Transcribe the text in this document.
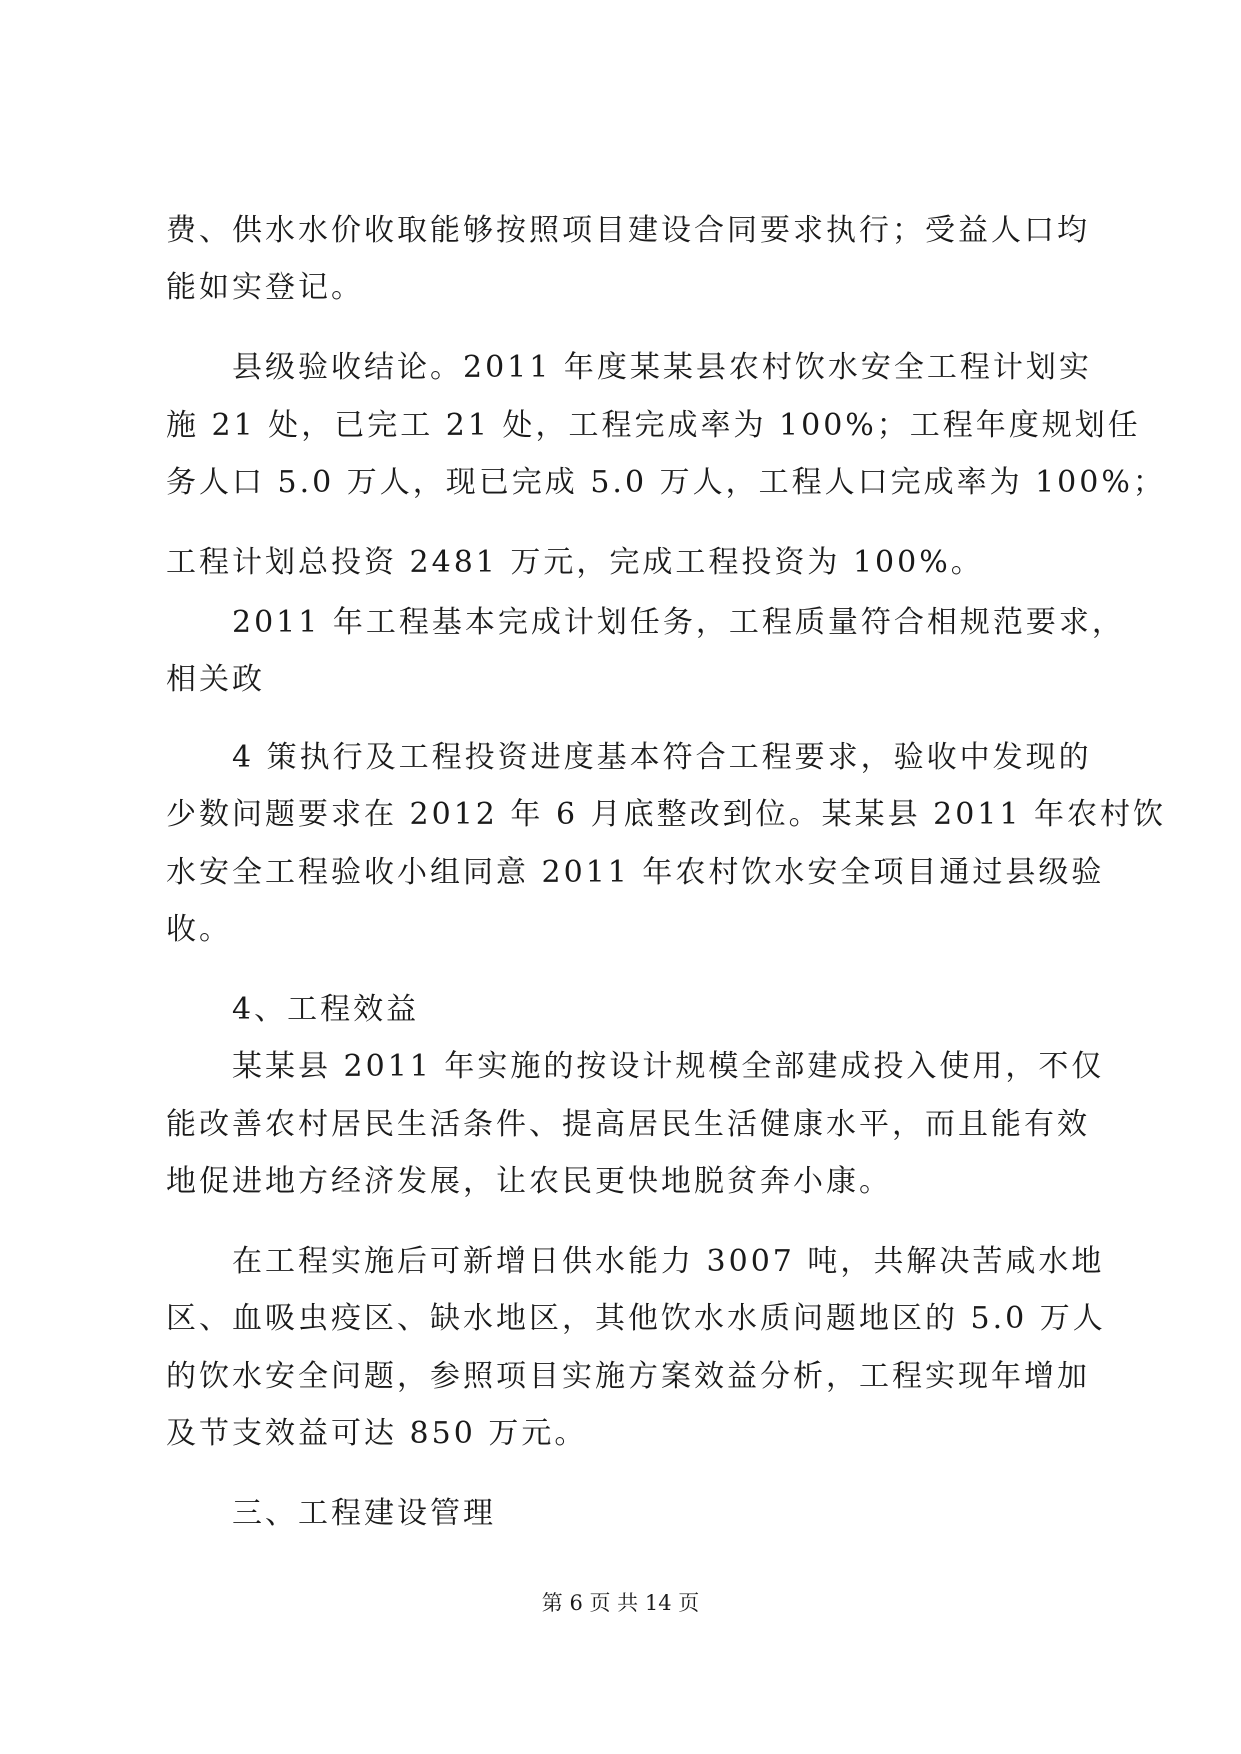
费、供水水价收取能够按照项目建设合同要求执行；受益人口均
能如实登记。
县级验收结论。2011 年度某某县农村饮水安全工程计划实
施 21 处，已完工 21 处，工程完成率为 100%；工程年度规划任
务人口 5.0 万人，现已完成 5.0 万人，工程人口完成率为 100%；
工程计划总投资 2481 万元，完成工程投资为 100%。
2011 年工程基本完成计划任务，工程质量符合相规范要求，
相关政
4 策执行及工程投资进度基本符合工程要求，验收中发现的
少数问题要求在 2012 年 6 月底整改到位。某某县 2011 年农村饮
水安全工程验收小组同意 2011 年农村饮水安全项目通过县级验
收。
4、工程效益
某某县 2011 年实施的按设计规模全部建成投入使用，不仅
能改善农村居民生活条件、提高居民生活健康水平，而且能有效
地促进地方经济发展，让农民更快地脱贫奔小康。
在工程实施后可新增日供水能力 3007 吨，共解决苦咸水地
区、血吸虫疫区、缺水地区，其他饮水水质问题地区的 5.0 万人
的饮水安全问题，参照项目实施方案效益分析，工程实现年增加
及节支效益可达 850 万元。
三、工程建设管理
第 6 页 共 14 页
